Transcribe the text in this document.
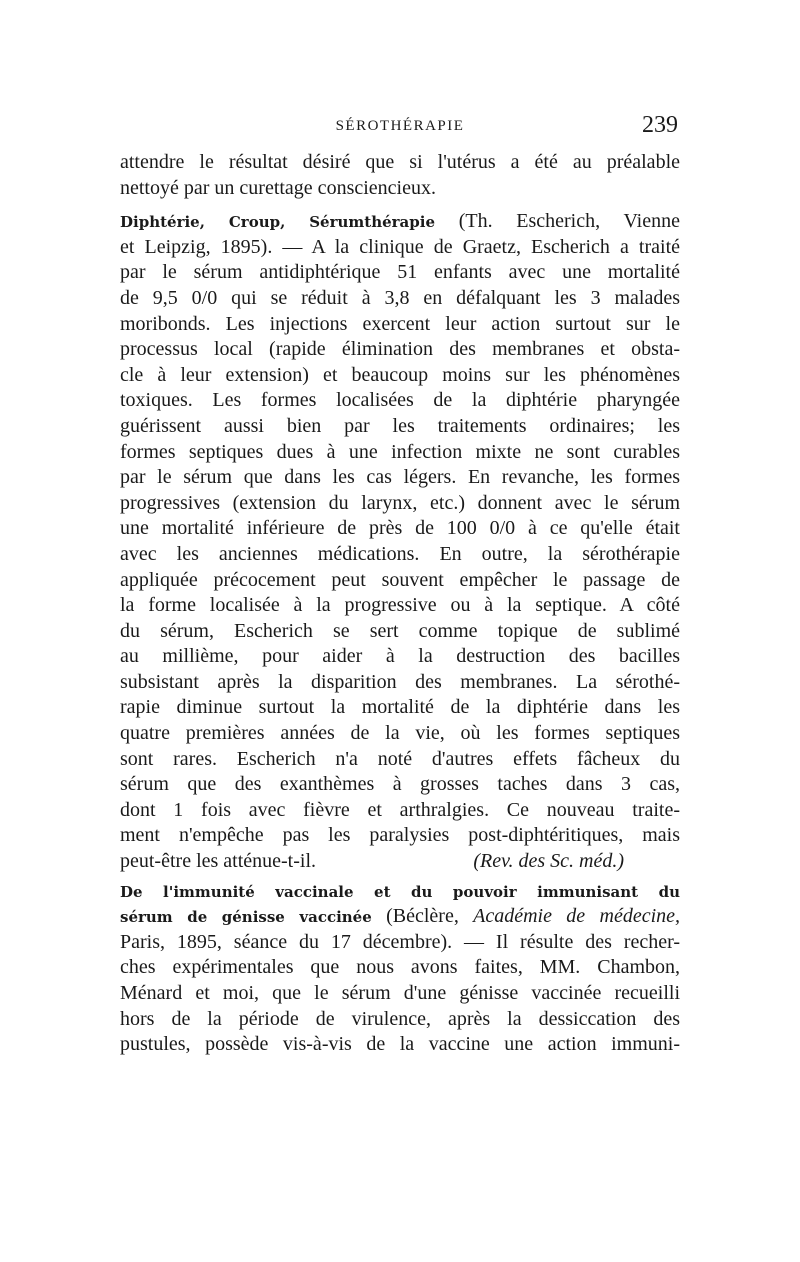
SÉROTHÉRAPIE	239
attendre le résultat désiré que si l'utérus a été au préalable
nettoyé par un curettage consciencieux.
Diphtérie, Croup, Sérumthérapie (Th. Escherich, Vienne
et Leipzig, 1895). — A la clinique de Graetz, Escherich a traité
par le sérum antidiphtérique 51 enfants avec une mortalité
de 9,5 0/0 qui se réduit à 3,8 en défalquant les 3 malades
moribonds. Les injections exercent leur action surtout sur le
processus local (rapide élimination des membranes et obsta-
cle à leur extension) et beaucoup moins sur les phénomènes
toxiques. Les formes localisées de la diphtérie pharyngée
guérissent aussi bien par les traitements ordinaires; les
formes septiques dues à une infection mixte ne sont curables
par le sérum que dans les cas légers. En revanche, les formes
progressives (extension du larynx, etc.) donnent avec le sérum
une mortalité inférieure de près de 100 0/0 à ce qu'elle était
avec les anciennes médications. En outre, la sérothérapie
appliquée précocement peut souvent empêcher le passage de
la forme localisée à la progressive ou à la septique. A côté
du sérum, Escherich se sert comme topique de sublimé
au millième, pour aider à la destruction des bacilles
subsistant après la disparition des membranes. La sérothé-
rapie diminue surtout la mortalité de la diphtérie dans les
quatre premières années de la vie, où les formes septiques
sont rares. Escherich n'a noté d'autres effets fâcheux du
sérum que des exanthèmes à grosses taches dans 3 cas,
dont 1 fois avec fièvre et arthralgies. Ce nouveau traite-
ment n'empêche pas les paralysies post-diphtéritiques, mais
peut-être les atténue-t-il.	(Rev. des Sc. méd.)
De l'immunité vaccinale et du pouvoir immunisant du
sérum de génisse vaccinée (Béclère, Académie de médecine,
Paris, 1895, séance du 17 décembre). — Il résulte des recher-
ches expérimentales que nous avons faites, MM. Chambon,
Ménard et moi, que le sérum d'une génisse vaccinée recueilli
hors de la période de virulence, après la dessiccation des
pustules, possède vis-à-vis de la vaccine une action immuni-
